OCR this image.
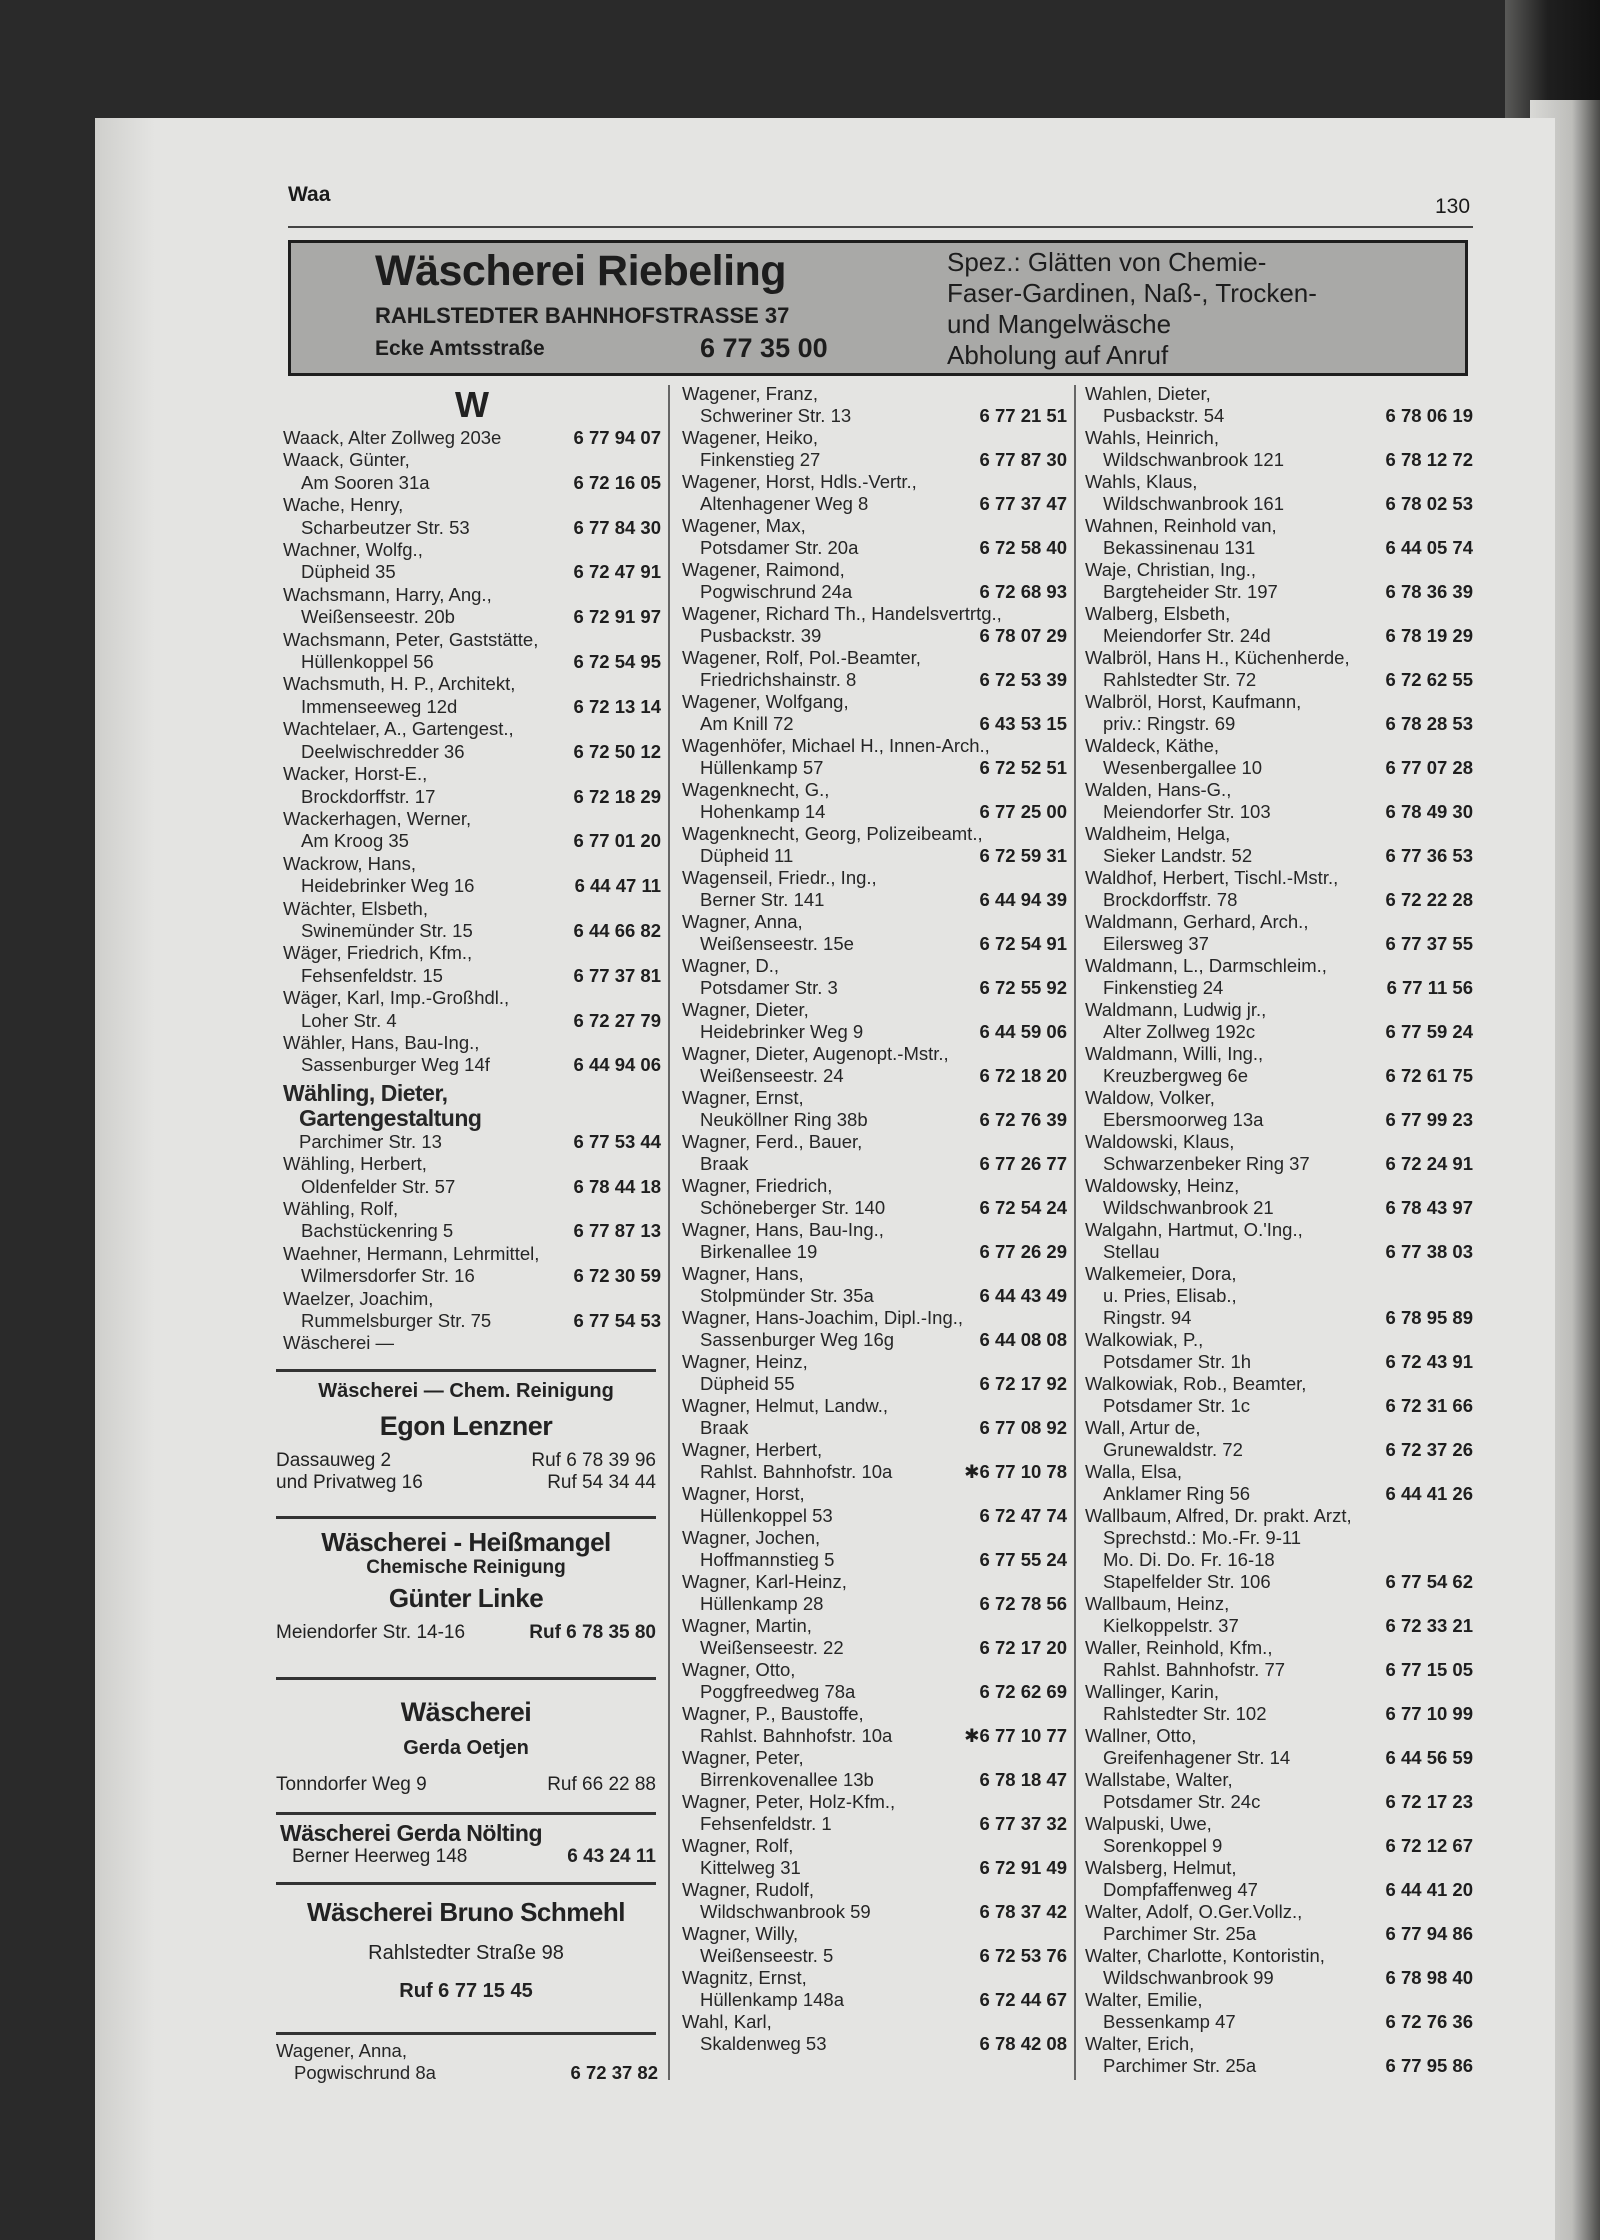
Waa
130
Wäscherei Riebeling
RAHLSTEDTER BAHNHOFSTRASSE 37
Ecke Amtsstraße	6 77 35 00
Spez.: Glätten von Chemie-
Faser-Gardinen, Naß-, Trocken-
und Mangelwäsche
Abholung auf Anruf
W
Waack, Alter Zollweg 203e	6 77 94 07
Waack, Günter,
Am Sooren 31a	6 72 16 05
Wache, Henry,
Scharbeutzer Str. 53	6 77 84 30
Wachner, Wolfg.,
Düpheid 35	6 72 47 91
Wachsmann, Harry, Ang.,
Weißenseestr. 20b	6 72 91 97
Wachsmann, Peter, Gaststätte,
Hüllenkoppel 56	6 72 54 95
Wachsmuth, H. P., Architekt,
Immenseeweg 12d	6 72 13 14
Wachtelaer, A., Gartengest.,
Deelwischredder 36	6 72 50 12
Wacker, Horst-E.,
Brockdorffstr. 17	6 72 18 29
Wackerhagen, Werner,
Am Kroog 35	6 77 01 20
Wackrow, Hans,
Heidebrinker Weg 16	6 44 47 11
Wächter, Elsbeth,
Swinemünder Str. 15	6 44 66 82
Wäger, Friedrich, Kfm.,
Fehsenfeldstr. 15	6 77 37 81
Wäger, Karl, Imp.-Großhdl.,
Loher Str. 4	6 72 27 79
Wähler, Hans, Bau-Ing.,
Sassenburger Weg 14f	6 44 94 06
Wähling, Dieter,
Gartengestaltung
Parchimer Str. 13	6 77 53 44
Wähling, Herbert,
Oldenfelder Str. 57	6 78 44 18
Wähling, Rolf,
Bachstückenring 5	6 77 87 13
Waehner, Hermann, Lehrmittel,
Wilmersdorfer Str. 16	6 72 30 59
Waelzer, Joachim,
Rummelsburger Str. 75	6 77 54 53
Wäscherei —
Wäscherei — Chem. Reinigung
Egon Lenzner
Dassauweg 2	Ruf 6 78 39 96
und Privatweg 16	Ruf 54 34 44
Wäscherei - Heißmangel
Chemische Reinigung
Günter Linke
Meiendorfer Str. 14-16	Ruf 6 78 35 80
Wäscherei
Gerda Oetjen
Tonndorfer Weg 9	Ruf 66 22 88
Wäscherei Gerda Nölting
Berner Heerweg 148	6 43 24 11
Wäscherei Bruno Schmehl
Rahlstedter Straße 98
Ruf 6 77 15 45
Wagener, Anna,
Pogwischrund 8a	6 72 37 82
Wagener, Franz,
Schweriner Str. 13	6 77 21 51
Wagener, Heiko,
Finkenstieg 27	6 77 87 30
Wagener, Horst, Hdls.-Vertr.,
Altenhagener Weg 8	6 77 37 47
Wagener, Max,
Potsdamer Str. 20a	6 72 58 40
Wagener, Raimond,
Pogwischrund 24a	6 72 68 93
Wagener, Richard Th., Handelsvertrtg.,
Pusbackstr. 39	6 78 07 29
Wagener, Rolf, Pol.-Beamter,
Friedrichshainstr. 8	6 72 53 39
Wagener, Wolfgang,
Am Knill 72	6 43 53 15
Wagenhöfer, Michael H., Innen-Arch.,
Hüllenkamp 57	6 72 52 51
Wagenknecht, G.,
Hohenkamp 14	6 77 25 00
Wagenknecht, Georg, Polizeibeamt.,
Düpheid 11	6 72 59 31
Wagenseil, Friedr., Ing.,
Berner Str. 141	6 44 94 39
Wagner, Anna,
Weißenseestr. 15e	6 72 54 91
Wagner, D.,
Potsdamer Str. 3	6 72 55 92
Wagner, Dieter,
Heidebrinker Weg 9	6 44 59 06
Wagner, Dieter, Augenopt.-Mstr.,
Weißenseestr. 24	6 72 18 20
Wagner, Ernst,
Neuköllner Ring 38b	6 72 76 39
Wagner, Ferd., Bauer,
Braak	6 77 26 77
Wagner, Friedrich,
Schöneberger Str. 140	6 72 54 24
Wagner, Hans, Bau-Ing.,
Birkenallee 19	6 77 26 29
Wagner, Hans,
Stolpmünder Str. 35a	6 44 43 49
Wagner, Hans-Joachim, Dipl.-Ing.,
Sassenburger Weg 16g	6 44 08 08
Wagner, Heinz,
Düpheid 55	6 72 17 92
Wagner, Helmut, Landw.,
Braak	6 77 08 92
Wagner, Herbert,
Rahlst. Bahnhofstr. 10a	✱6 77 10 78
Wagner, Horst,
Hüllenkoppel 53	6 72 47 74
Wagner, Jochen,
Hoffmannstieg 5	6 77 55 24
Wagner, Karl-Heinz,
Hüllenkamp 28	6 72 78 56
Wagner, Martin,
Weißenseestr. 22	6 72 17 20
Wagner, Otto,
Poggfreedweg 78a	6 72 62 69
Wagner, P., Baustoffe,
Rahlst. Bahnhofstr. 10a	✱6 77 10 77
Wagner, Peter,
Birrenkovenallee 13b	6 78 18 47
Wagner, Peter, Holz-Kfm.,
Fehsenfeldstr. 1	6 77 37 32
Wagner, Rolf,
Kittelweg 31	6 72 91 49
Wagner, Rudolf,
Wildschwanbrook 59	6 78 37 42
Wagner, Willy,
Weißenseestr. 5	6 72 53 76
Wagnitz, Ernst,
Hüllenkamp 148a	6 72 44 67
Wahl, Karl,
Skaldenweg 53	6 78 42 08
Wahlen, Dieter,
Pusbackstr. 54	6 78 06 19
Wahls, Heinrich,
Wildschwanbrook 121	6 78 12 72
Wahls, Klaus,
Wildschwanbrook 161	6 78 02 53
Wahnen, Reinhold van,
Bekassinenau 131	6 44 05 74
Waje, Christian, Ing.,
Bargteheider Str. 197	6 78 36 39
Walberg, Elsbeth,
Meiendorfer Str. 24d	6 78 19 29
Walbröl, Hans H., Küchenherde,
Rahlstedter Str. 72	6 72 62 55
Walbröl, Horst, Kaufmann,
priv.: Ringstr. 69	6 78 28 53
Waldeck, Käthe,
Wesenbergallee 10	6 77 07 28
Walden, Hans-G.,
Meiendorfer Str. 103	6 78 49 30
Waldheim, Helga,
Sieker Landstr. 52	6 77 36 53
Waldhof, Herbert, Tischl.-Mstr.,
Brockdorffstr. 78	6 72 22 28
Waldmann, Gerhard, Arch.,
Eilersweg 37	6 77 37 55
Waldmann, L., Darmschleim.,
Finkenstieg 24	6 77 11 56
Waldmann, Ludwig jr.,
Alter Zollweg 192c	6 77 59 24
Waldmann, Willi, Ing.,
Kreuzbergweg 6e	6 72 61 75
Waldow, Volker,
Ebersmoorweg 13a	6 77 99 23
Waldowski, Klaus,
Schwarzenbeker Ring 37	6 72 24 91
Waldowsky, Heinz,
Wildschwanbrook 21	6 78 43 97
Walgahn, Hartmut, O.'Ing.,
Stellau	6 77 38 03
Walkemeier, Dora,
u. Pries, Elisab.,
Ringstr. 94	6 78 95 89
Walkowiak, P.,
Potsdamer Str. 1h	6 72 43 91
Walkowiak, Rob., Beamter,
Potsdamer Str. 1c	6 72 31 66
Wall, Artur de,
Grunewaldstr. 72	6 72 37 26
Walla, Elsa,
Anklamer Ring 56	6 44 41 26
Wallbaum, Alfred, Dr. prakt. Arzt,
Sprechstd.: Mo.-Fr. 9-11
Mo. Di. Do. Fr. 16-18
Stapelfelder Str. 106	6 77 54 62
Wallbaum, Heinz,
Kielkoppelstr. 37	6 72 33 21
Waller, Reinhold, Kfm.,
Rahlst. Bahnhofstr. 77	6 77 15 05
Wallinger, Karin,
Rahlstedter Str. 102	6 77 10 99
Wallner, Otto,
Greifenhagener Str. 14	6 44 56 59
Wallstabe, Walter,
Potsdamer Str. 24c	6 72 17 23
Walpuski, Uwe,
Sorenkoppel 9	6 72 12 67
Walsberg, Helmut,
Dompfaffenweg 47	6 44 41 20
Walter, Adolf, O.Ger.Vollz.,
Parchimer Str. 25a	6 77 94 86
Walter, Charlotte, Kontoristin,
Wildschwanbrook 99	6 78 98 40
Walter, Emilie,
Bessenkamp 47	6 72 76 36
Walter, Erich,
Parchimer Str. 25a	6 77 95 86
